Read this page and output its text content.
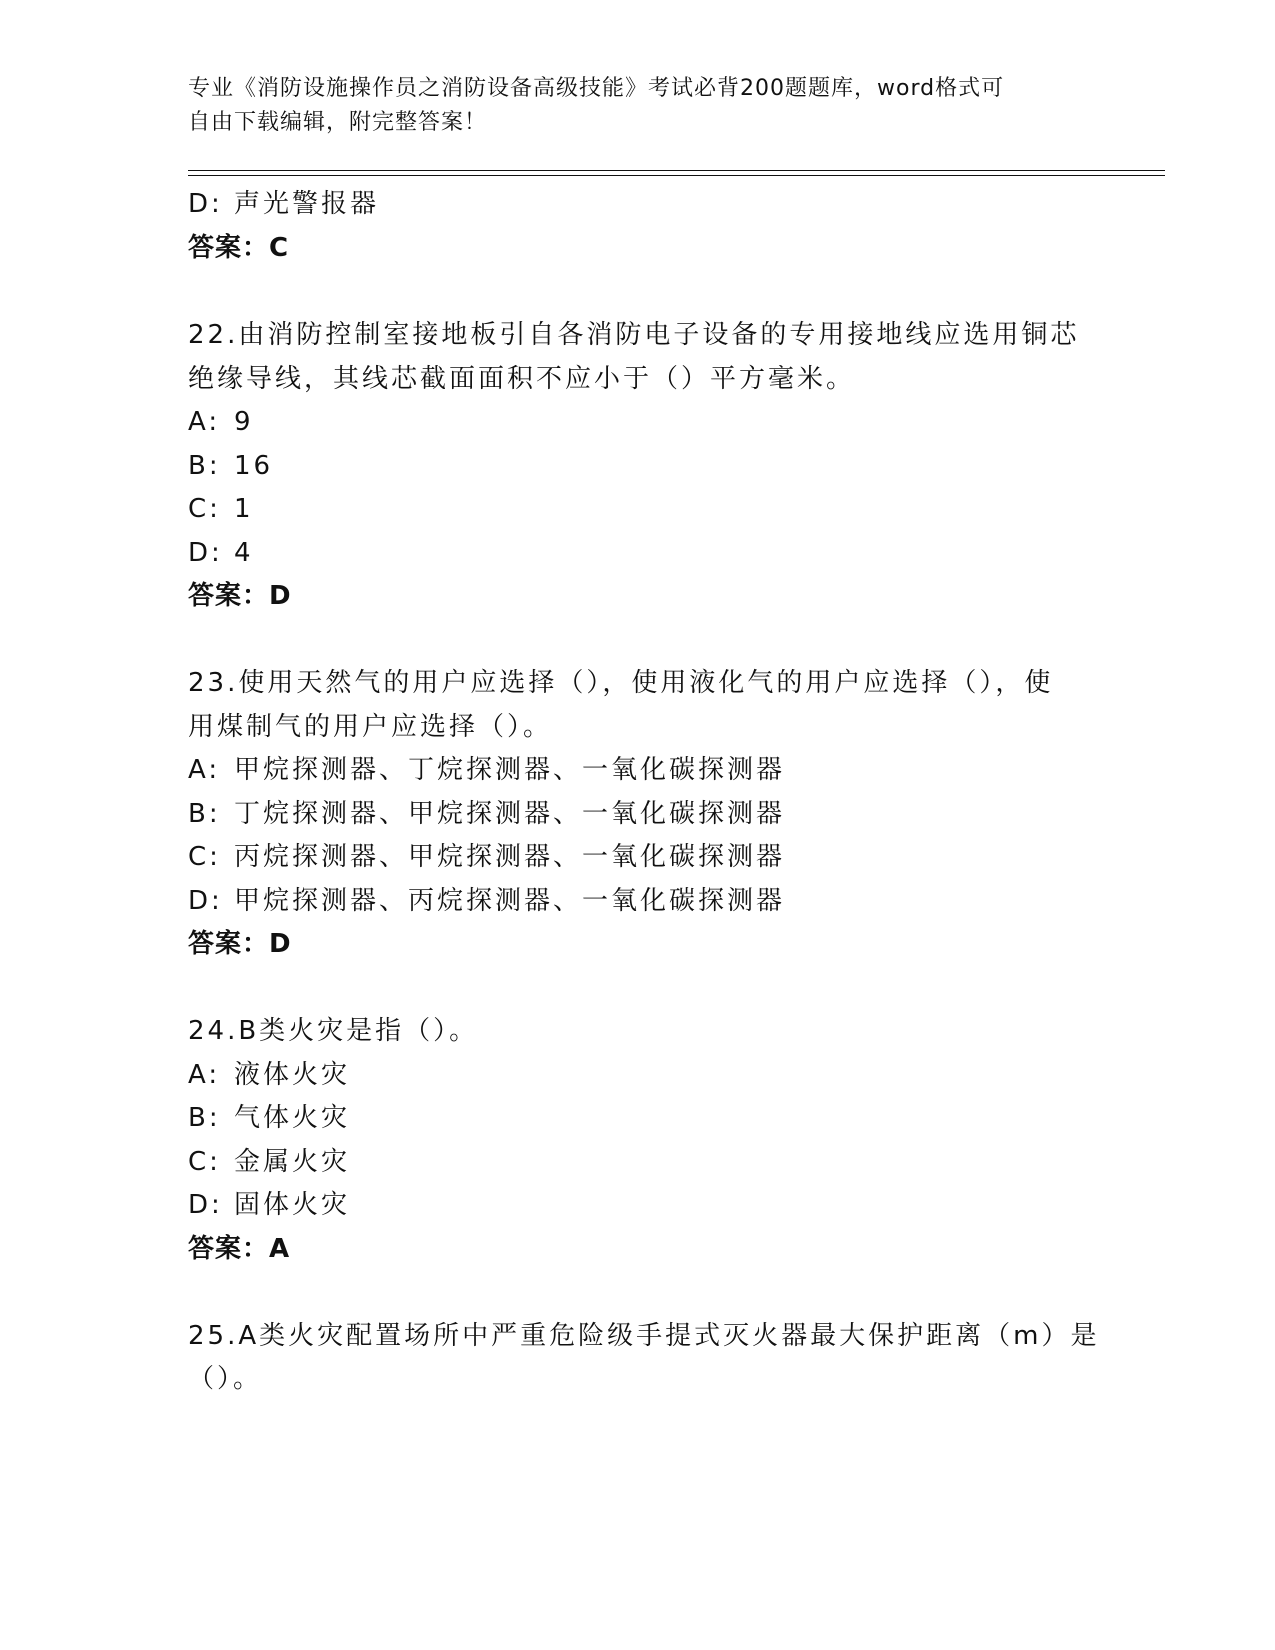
专业《消防设施操作员之消防设备高级技能》考试必背200题题库，word格式可
自由下载编辑，附完整答案！
D: 声光警报器
答案：C
22.由消防控制室接地板引自各消防电子设备的专用接地线应选用铜芯
绝缘导线，其线芯截面面积不应小于（）平方毫米。
A: 9
B: 16
C: 1
D: 4
答案：D
23.使用天然气的用户应选择（），使用液化气的用户应选择（），使
用煤制气的用户应选择（）。
A: 甲烷探测器、丁烷探测器、一氧化碳探测器
B: 丁烷探测器、甲烷探测器、一氧化碳探测器
C: 丙烷探测器、甲烷探测器、一氧化碳探测器
D: 甲烷探测器、丙烷探测器、一氧化碳探测器
答案：D
24.B类火灾是指（）。
A: 液体火灾
B: 气体火灾
C: 金属火灾
D: 固体火灾
答案：A
25.A类火灾配置场所中严重危险级手提式灭火器最大保护距离（m）是
（）。
